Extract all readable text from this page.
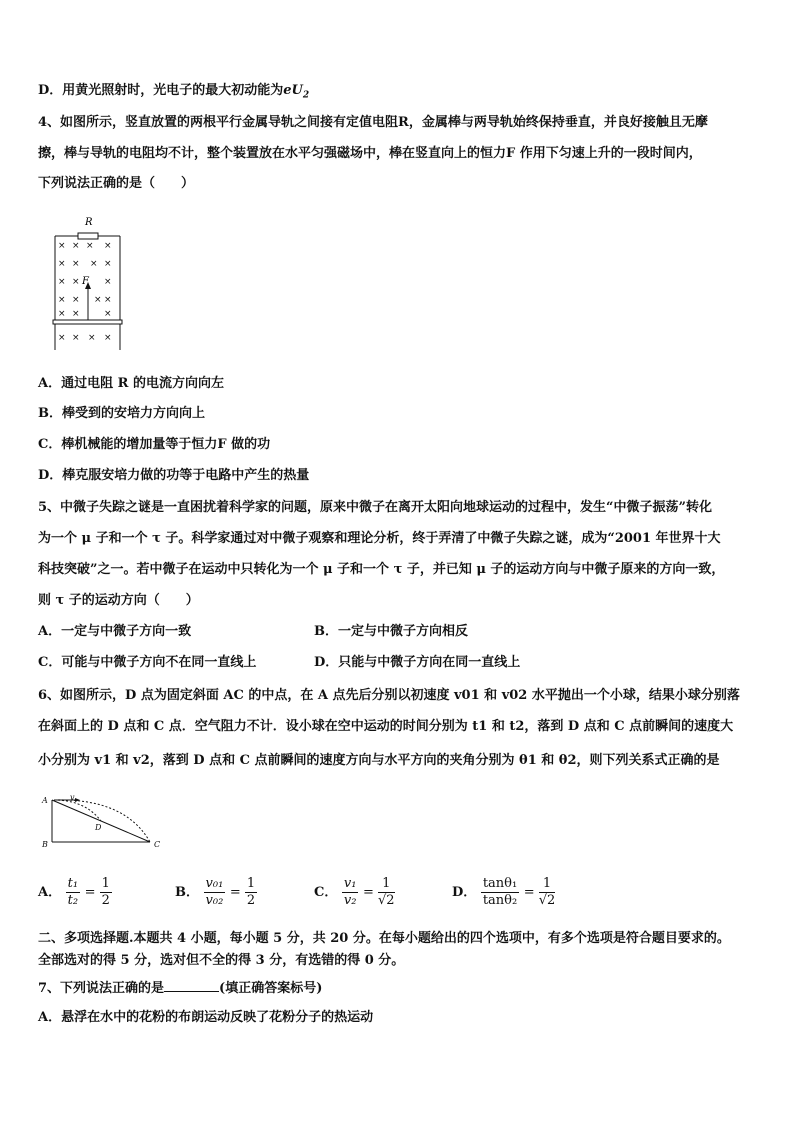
D．用黄光照射时，光电子的最大初动能为$eU_2$
4、如图所示，竖直放置的两根平行金属导轨之间接有定值电阻R，金属棒与两导轨始终保持垂直，并良好接触且无摩
擦，棒与导轨的电阻均不计，整个装置放在水平匀强磁场中，棒在竖直向上的恒力F 作用下匀速上升的一段时间内，
下列说法正确的是（　　）
R
× × × ×
× × × ×
× ×	×
× × × ×
× ×	×
× × × ×
F
A．通过电阻 R 的电流方向向左
B．棒受到的安培力方向向上
C．棒机械能的增加量等于恒力F 做的功
D．棒克服安培力做的功等于电路中产生的热量
5、中微子失踪之谜是一直困扰着科学家的问题，原来中微子在离开太阳向地球运动的过程中，发生“中微子振荡”转化
为一个 μ 子和一个 τ 子。科学家通过对中微子观察和理论分析，终于弄清了中微子失踪之谜，成为“2001 年世界十大
科技突破”之一。若中微子在运动中只转化为一个 μ 子和一个 τ 子，并已知 μ 子的运动方向与中微子原来的方向一致，
则 τ 子的运动方向（　　）
A．一定与中微子方向一致	B．一定与中微子方向相反
C．可能与中微子方向不在同一直线上	D．只能与中微子方向在同一直线上
6、如图所示，D 点为固定斜面 AC 的中点，在 A 点先后分别以初速度 v01 和 v02 水平抛出一个小球，结果小球分别落
在斜面上的 D 点和 C 点．空气阻力不计．设小球在空中运动的时间分别为 t1 和 t2，落到 D 点和 C 点前瞬间的速度大
小分别为 v1 和 v2，落到 D 点和 C 点前瞬间的速度方向与水平方向的夹角分别为 θ1 和 θ2，则下列关系式正确的是
A
B	C
D
v
A． $\frac{\text{t₁}}{\text{t₂}} = \frac{1}{2}$	B． $\frac{\text{v₀₁}}{\text{v₀₂}} = \frac{1}{2}$	C． $\frac{\text{v₁}}{\text{v₂}} = \frac{1}{√2}$	D． $\frac{\text{tanθ₁}}{\text{tanθ₂}} = \frac{1}{√2}$
二、多项选择题.本题共 4 小题，每小题 5 分，共 20 分。在每小题给出的四个选项中，有多个选项是符合题目要求的。
全部选对的得 5 分，选对但不全的得 3 分，有选错的得 0 分。
7、下列说法正确的是	(填正确答案标号)
A．悬浮在水中的花粉的布朗运动反映了花粉分子的热运动
